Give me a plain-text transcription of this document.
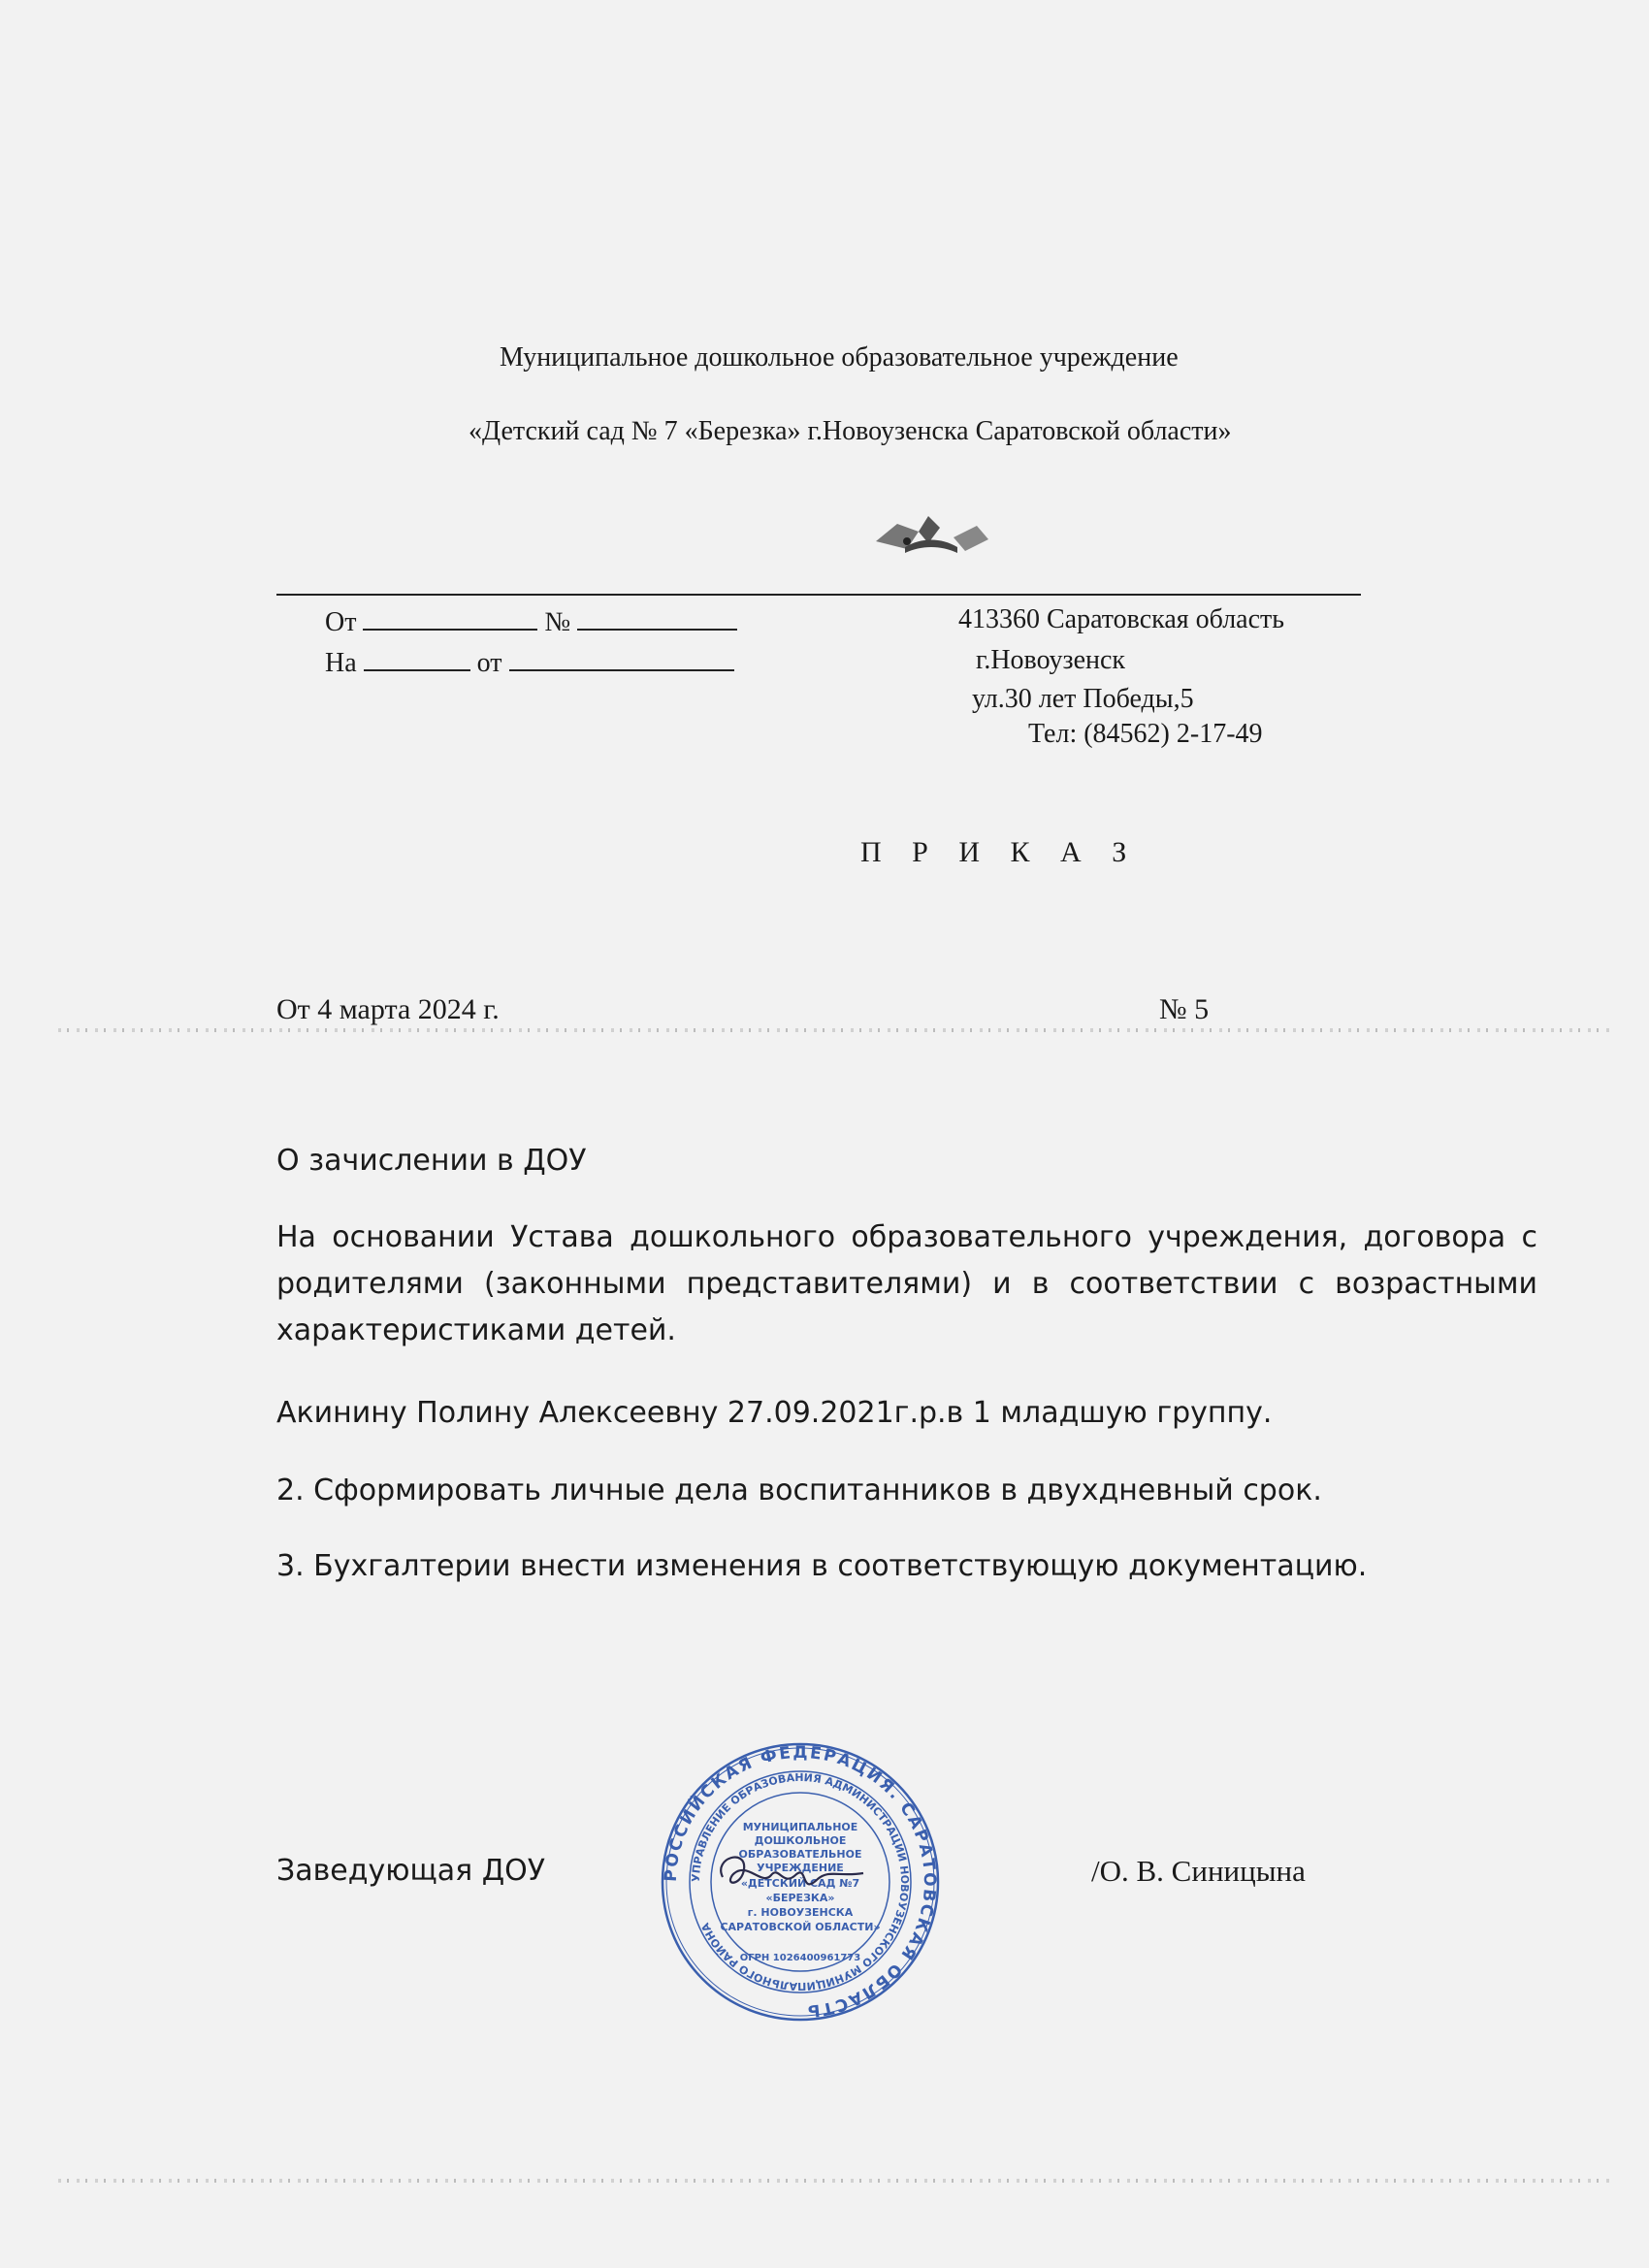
Муниципальное дошкольное образовательное учреждение
«Детский сад № 7 «Березка» г.Новоузенска Саратовской области»
От	№
На	от
413360 Саратовская область
г.Новоузенск
ул.30 лет Победы,5
Тел: (84562) 2-17-49
П Р И К А З
От 4 марта 2024 г.	№ 5
О зачислении в ДОУ
На основании Устава дошкольного образовательного учреждения, договора с родителями (законными представителями) и в соответствии с возрастными характеристиками детей.
Акинину Полину Алексеевну 27.09.2021г.р.в 1 младшую группу.
2. Сформировать личные дела воспитанников в двухдневный срок.
3. Бухгалтерии внести изменения в соответствующую документацию.
Заведующая ДОУ	/О. В. Синицына
РОССИЙСКАЯ ФЕДЕРАЦИЯ. САРАТОВСКАЯ ОБЛАСТЬ
УПРАВЛЕНИЕ ОБРАЗОВАНИЯ АДМИНИСТРАЦИИ НОВОУЗЕНСКОГО МУНИЦИПАЛЬНОГО РАЙОНА
МУНИЦИПАЛЬНОЕ
ДОШКОЛЬНОЕ
ОБРАЗОВАТЕЛЬНОЕ
УЧРЕЖДЕНИЕ
«ДЕТСКИЙ САД №7
«БЕРЕЗКА»
г. НОВОУЗЕНСКА
САРАТОВСКОЙ ОБЛАСТИ»
ОГРН 1026400961773
